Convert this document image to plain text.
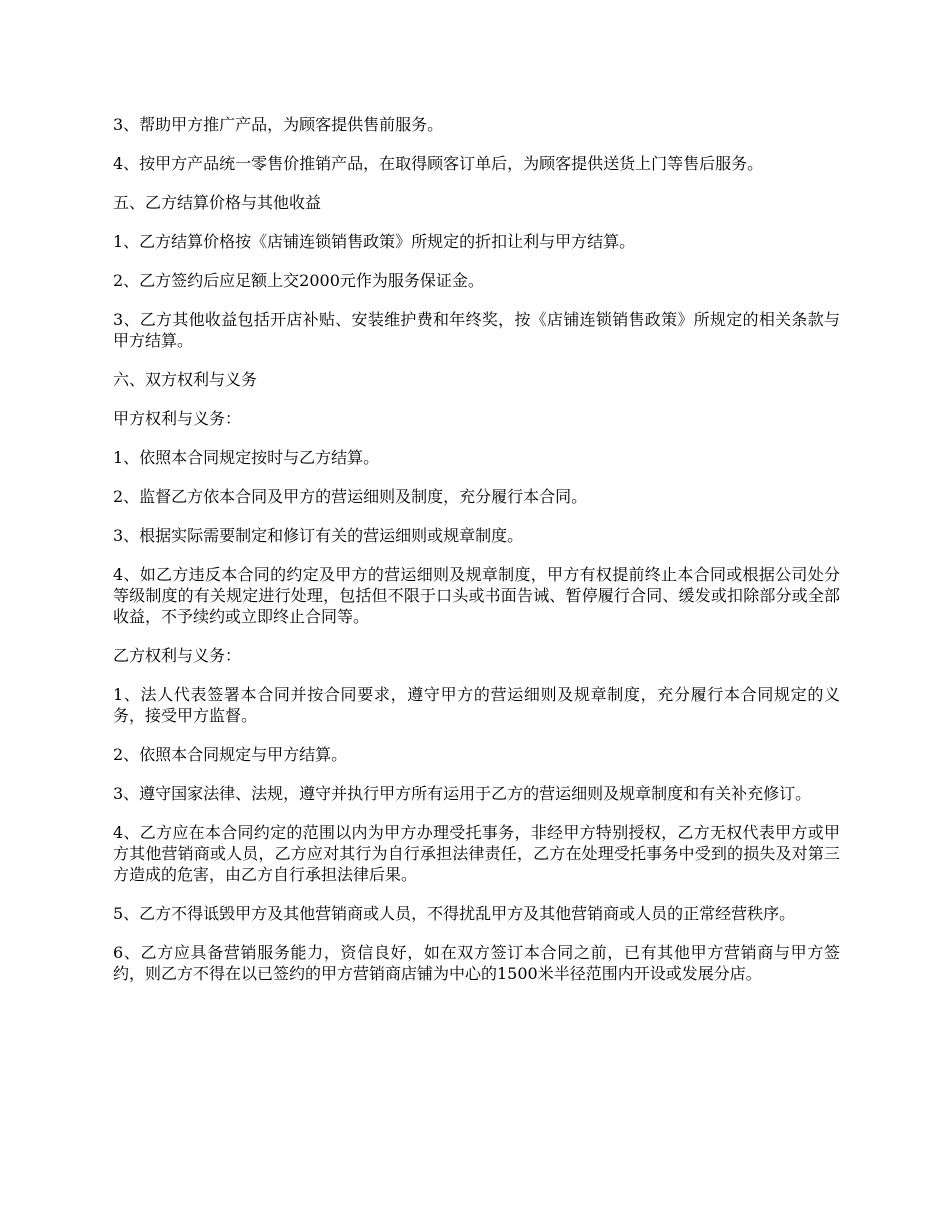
3、帮助甲方推广产品，为顾客提供售前服务。

4、按甲方产品统一零售价推销产品，在取得顾客订单后，为顾客提供送货上门等售后服务。

五、乙方结算价格与其他收益

1、乙方结算价格按《店铺连锁销售政策》所规定的折扣让利与甲方结算。

2、乙方签约后应足额上交2000元作为服务保证金。

3、乙方其他收益包括开店补贴、安装维护费和年终奖，按《店铺连锁销售政策》所规定的相关条款与甲方结算。

六、双方权利与义务

甲方权利与义务：

1、依照本合同规定按时与乙方结算。

2、监督乙方依本合同及甲方的营运细则及制度，充分履行本合同。

3、根据实际需要制定和修订有关的营运细则或规章制度。

4、如乙方违反本合同的约定及甲方的营运细则及规章制度，甲方有权提前终止本合同或根据公司处分等级制度的有关规定进行处理，包括但不限于口头或书面告诫、暂停履行合同、缓发或扣除部分或全部收益，不予续约或立即终止合同等。

乙方权利与义务：

1、法人代表签署本合同并按合同要求，遵守甲方的营运细则及规章制度，充分履行本合同规定的义务，接受甲方监督。

2、依照本合同规定与甲方结算。

3、遵守国家法律、法规，遵守并执行甲方所有运用于乙方的营运细则及规章制度和有关补充修订。

4、乙方应在本合同约定的范围以内为甲方办理受托事务，非经甲方特别授权，乙方无权代表甲方或甲方其他营销商或人员，乙方应对其行为自行承担法律责任，乙方在处理受托事务中受到的损失及对第三方造成的危害，由乙方自行承担法律后果。

5、乙方不得诋毁甲方及其他营销商或人员，不得扰乱甲方及其他营销商或人员的正常经营秩序。

6、乙方应具备营销服务能力，资信良好，如在双方签订本合同之前，已有其他甲方营销商与甲方签约，则乙方不得在以已签约的甲方营销商店铺为中心的1500米半径范围内开设或发展分店。
